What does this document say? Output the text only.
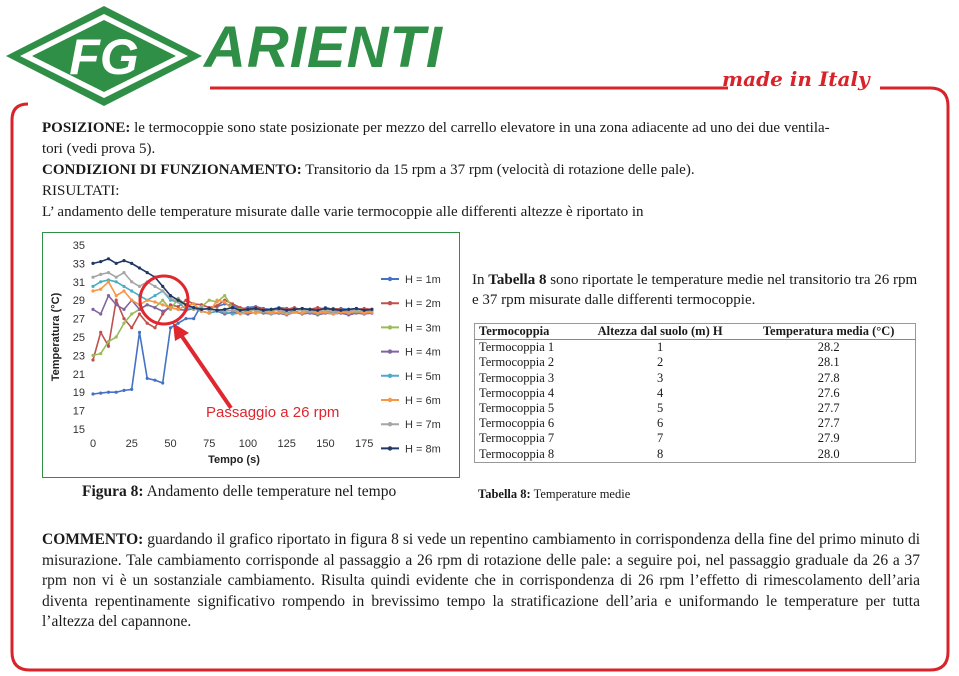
FG ARIENTI	made in Italy
POSIZIONE: le termocoppie sono state posizionate per mezzo del carrello elevatore in una zona adiacente ad uno dei due ventila-
tori (vedi prova 5).
CONDIZIONI DI FUNZIONAMENTO: Transitorio da 15 rpm a 37 rpm (velocità di rotazione delle pale).
RISULTATI:
L’ andamento delle temperature misurate dalle varie termocoppie alle differenti altezze è riportato in
35
33
31
29
27
25
23
21
19
17
15
0	25 50 75 100 125 150 175
Tempo (s)
Temperatura (°C)
H = 1m
H = 2m
H = 3m
H = 4m
H = 5m
H = 6m
H = 7m
H = 8m
Passaggio a 26 rpm
Figura 8: Andamento delle temperature nel tempo
In Tabella 8 sono riportate le temperature medie nel transitorio tra 26 rpm e 37 rpm misurate dalle differenti termocoppie.
Termocoppia	Altezza dal suolo (m) H	Temperatura media (°C)
Termocoppia 1	1	28.2
Termocoppia 2	2	28.1
Termocoppia 3	3	27.8
Termocoppia 4	4	27.6
Termocoppia 5	5	27.7
Termocoppia 6	6	27.7
Termocoppia 7	7	27.9
Termocoppia 8	8	28.0
Tabella 8: Temperature medie
COMMENTO: guardando il grafico riportato in figura 8 si vede un repentino cambiamento in corrispondenza della fine del primo minuto di misurazione. Tale cambiamento corrisponde al passaggio a 26 rpm di rotazione delle pale: a seguire poi, nel passaggio graduale da 26 a 37 rpm non vi è un sostanziale cambiamento. Risulta quindi evidente che in corrispondenza di 26 rpm l’effetto di rimescolamento dell’aria diventa repentinamente significativo rompendo in brevissimo tempo la stratificazione dell’aria e uniformando le temperature per tutta l’altezza del capannone.
